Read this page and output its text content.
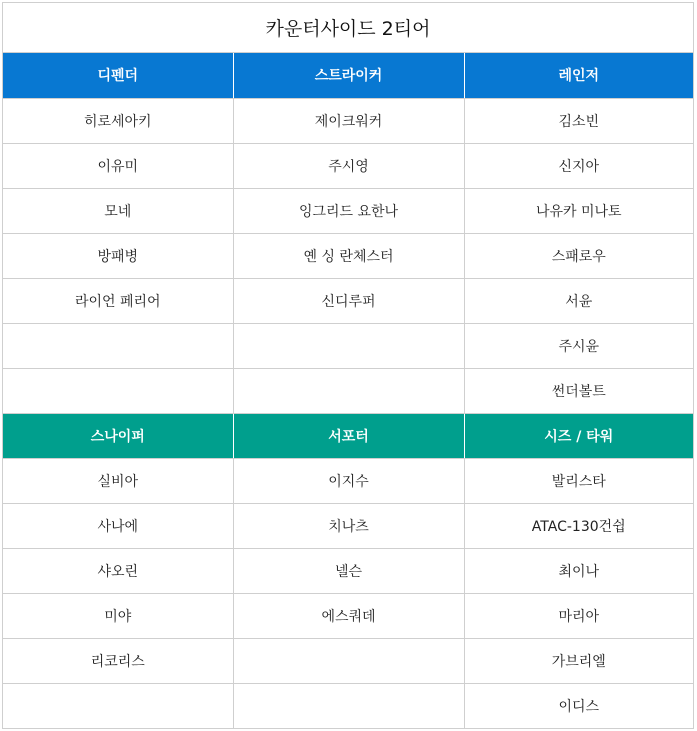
카운터사이드 2티어
디펜더	스트라이커	레인저
히로세아키	제이크워커	김소빈
이유미	주시영	신지아
모네	잉그리드 요한나	나유카 미나토
방패병	옌 싱 란체스터	스패로우
라이언 페리어	신디루퍼	서윤
		주시윤
		썬더볼트
스나이퍼	서포터	시즈 / 타워
실비아	이지수	발리스타
사나에	치나츠	ATAC-130건쉽
샤오린	넬슨	최이나
미야	에스쿼데	마리아
리코리스		가브리엘
		이디스
